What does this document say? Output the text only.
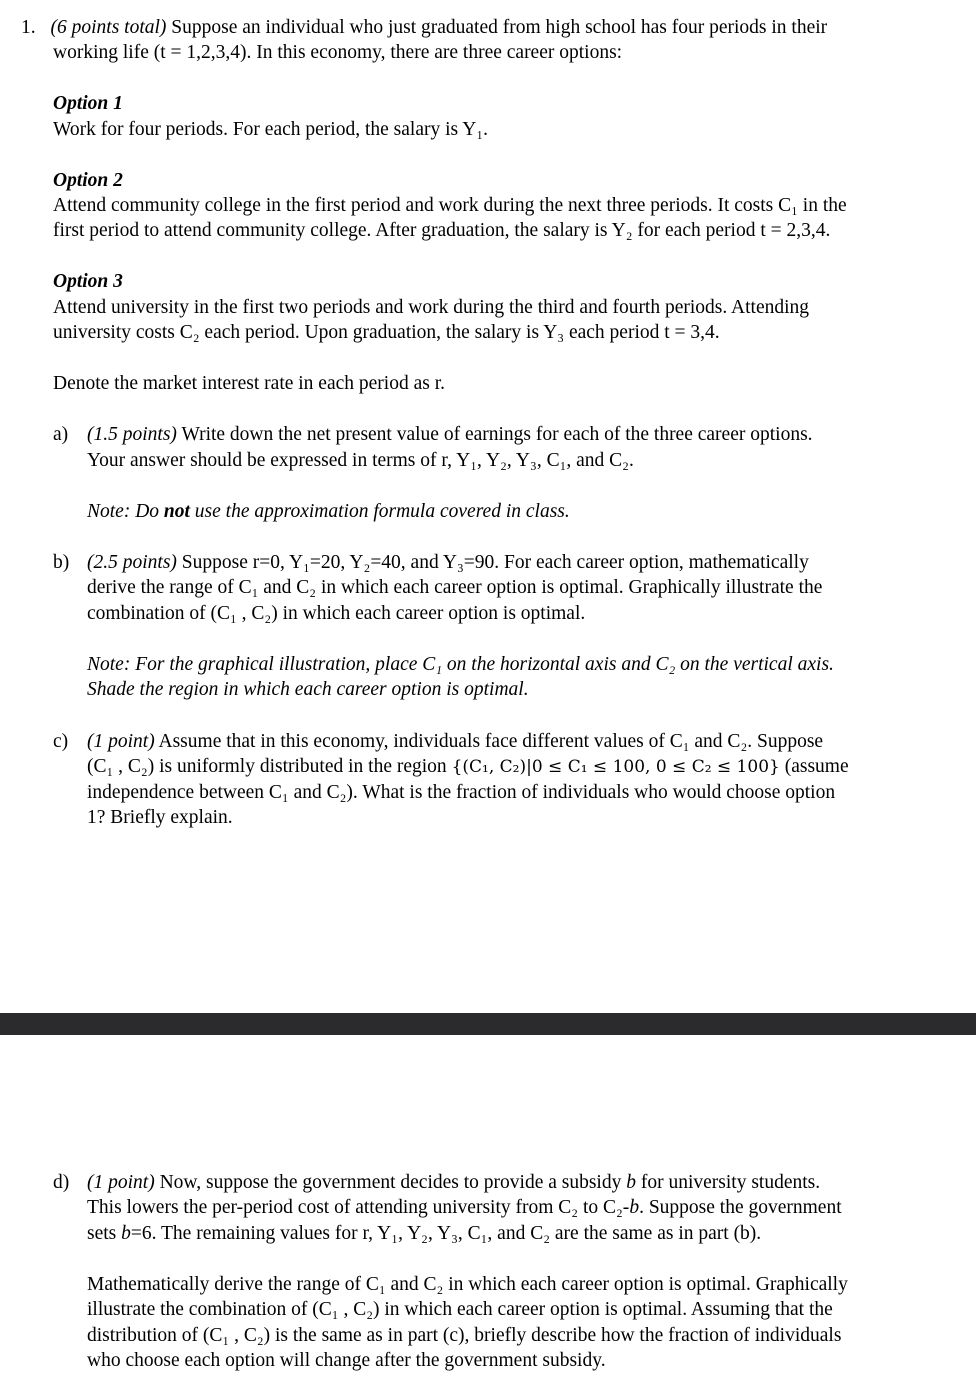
1. (6 points total) Suppose an individual who just graduated from high school has four periods in their
working life (t = 1,2,3,4). In this economy, there are three career options:
Option 1
Work for four periods. For each period, the salary is Y₁.
Option 2
Attend community college in the first period and work during the next three periods. It costs C₁ in the
first period to attend community college. After graduation, the salary is Y₂ for each period t = 2,3,4.
Option 3
Attend university in the first two periods and work during the third and fourth periods. Attending
university costs C₂ each period. Upon graduation, the salary is Y₃ each period t = 3,4.
Denote the market interest rate in each period as r.
a) (1.5 points) Write down the net present value of earnings for each of the three career options.
Your answer should be expressed in terms of r, Y₁, Y₂, Y₃, C₁, and C₂.
Note: Do not use the approximation formula covered in class.
b) (2.5 points) Suppose r=0, Y₁=20, Y₂=40, and Y₃=90. For each career option, mathematically
derive the range of C₁ and C₂ in which each career option is optimal. Graphically illustrate the
combination of (C₁ , C₂) in which each career option is optimal.
Note: For the graphical illustration, place C₁ on the horizontal axis and C₂ on the vertical axis.
Shade the region in which each career option is optimal.
c) (1 point) Assume that in this economy, individuals face different values of C₁ and C₂. Suppose
(C₁ , C₂) is uniformly distributed in the region {(C₁, C₂)|0 ≤ C₁ ≤ 100, 0 ≤ C₂ ≤ 100} (assume
independence between C₁ and C₂). What is the fraction of individuals who would choose option
1? Briefly explain.
d) (1 point) Now, suppose the government decides to provide a subsidy b for university students.
This lowers the per-period cost of attending university from C₂ to C₂-b. Suppose the government
sets b=6. The remaining values for r, Y₁, Y₂, Y₃, C₁, and C₂ are the same as in part (b).
Mathematically derive the range of C₁ and C₂ in which each career option is optimal. Graphically
illustrate the combination of (C₁ , C₂) in which each career option is optimal. Assuming that the
distribution of (C₁ , C₂) is the same as in part (c), briefly describe how the fraction of individuals
who choose each option will change after the government subsidy.
